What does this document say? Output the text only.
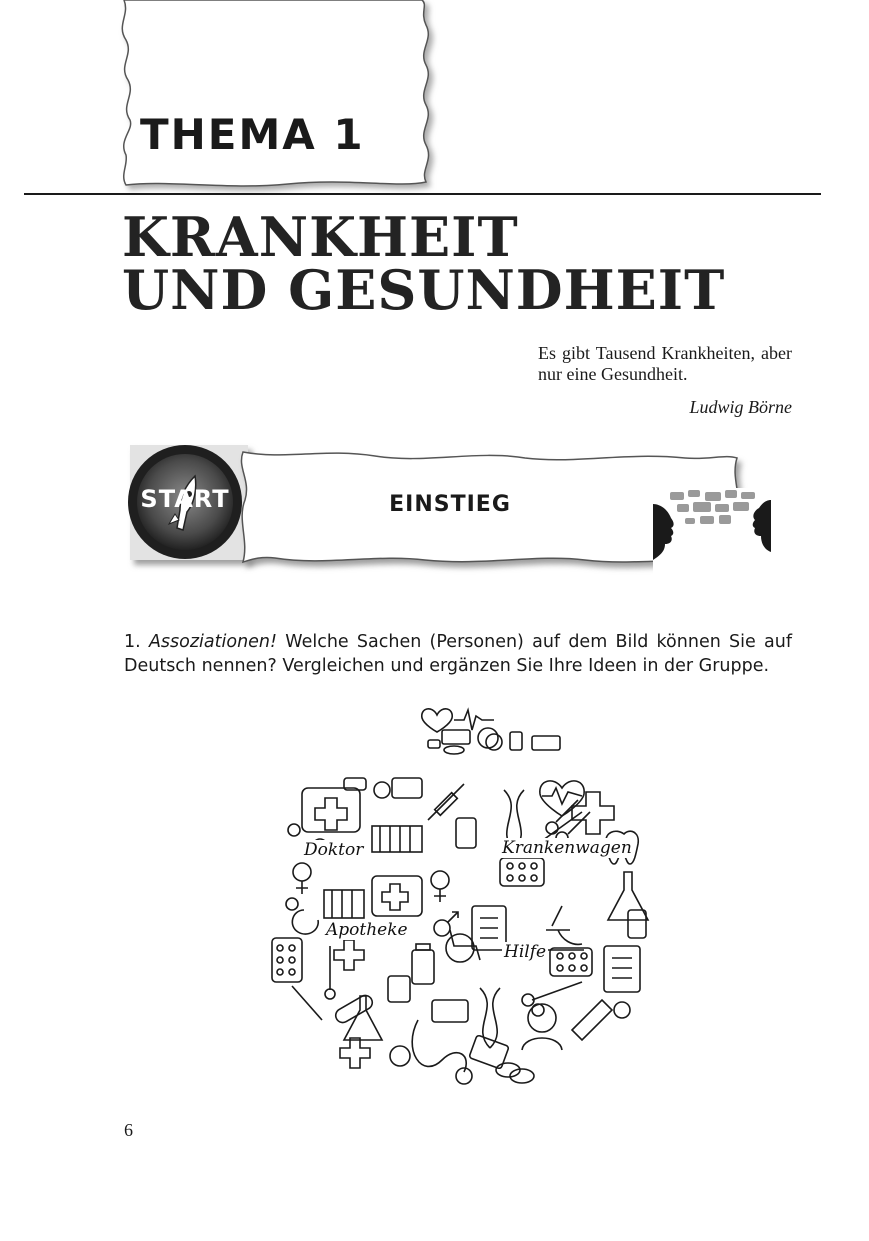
THEMA 1
KRANKHEIT
UND GESUNDHEIT
Es gibt Tausend Krankheiten, aber nur eine Gesundheit.
Ludwig Börne
START	EINSTIEG
1. Assoziationen! Welche Sachen (Personen) auf dem Bild können Sie auf Deutsch nennen? Vergleichen und ergänzen Sie Ihre Ideen in der Gruppe.
Doktor	Krankenwagen
Apotheke
Hilfe
6
